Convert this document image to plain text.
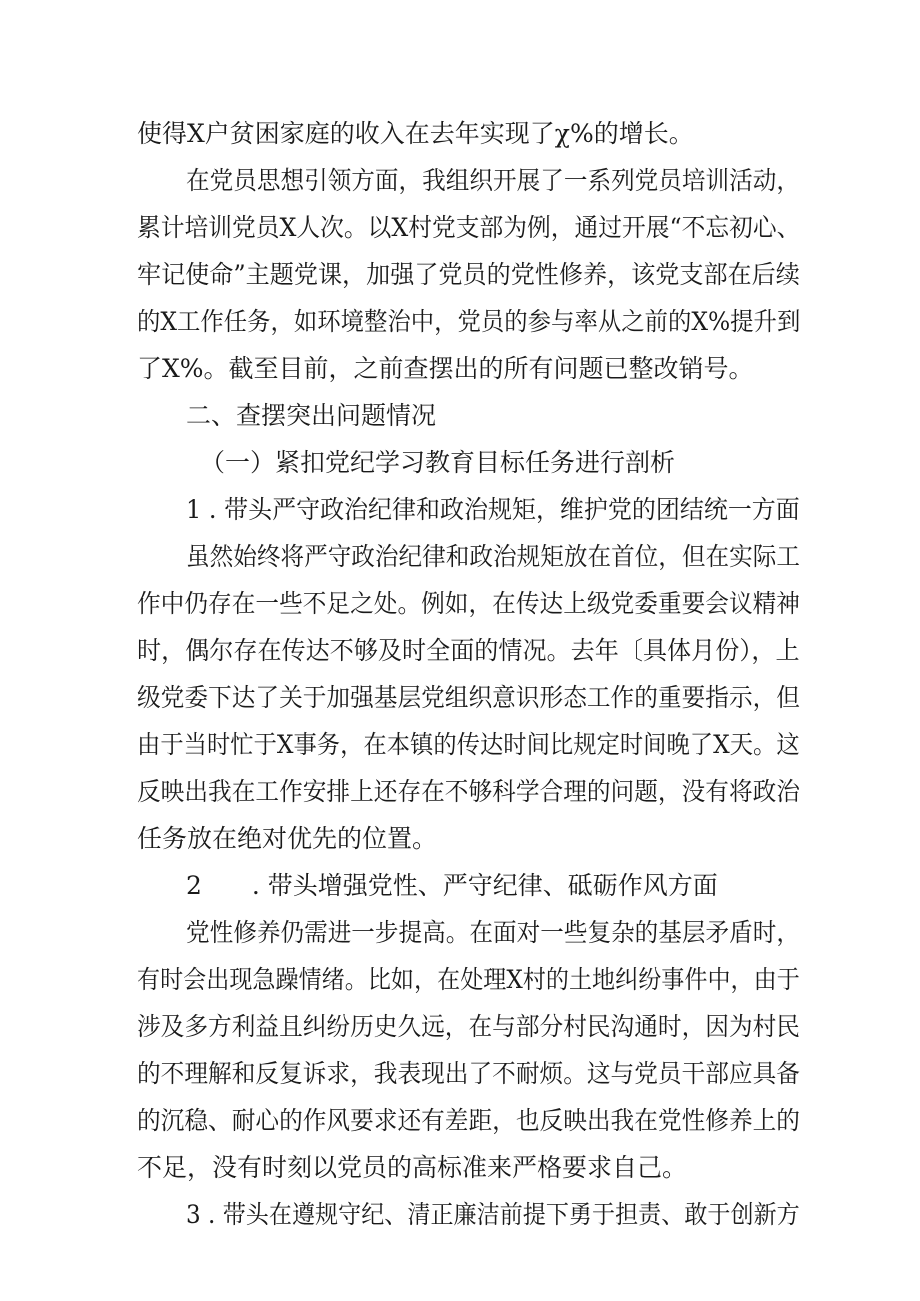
使得X户贫困家庭的收入在去年实现了χ%的增长。
在党员思想引领方面，我组织开展了一系列党员培训活动，
累计培训党员X人次。以X村党支部为例，通过开展“不忘初心、
牢记使命”主题党课，加强了党员的党性修养，该党支部在后续
的X工作任务，如环境整治中，党员的参与率从之前的X%提升到
了X%。截至目前，之前查摆出的所有问题已整改销号。
二、查摆突出问题情况
（一）紧扣党纪学习教育目标任务进行剖析
1 . 带头严守政治纪律和政治规矩，维护党的团结统一方面
虽然始终将严守政治纪律和政治规矩放在首位，但在实际工
作中仍存在一些不足之处。例如，在传达上级党委重要会议精神
时，偶尔存在传达不够及时全面的情况。去年〔具体月份），上
级党委下达了关于加强基层党组织意识形态工作的重要指示，但
由于当时忙于X事务，在本镇的传达时间比规定时间晚了X天。这
反映出我在工作安排上还存在不够科学合理的问题，没有将政治
任务放在绝对优先的位置。
2　　. 带头增强党性、严守纪律、砥砺作风方面
党性修养仍需进一步提高。在面对一些复杂的基层矛盾时，
有时会出现急躁情绪。比如，在处理X村的土地纠纷事件中，由于
涉及多方利益且纠纷历史久远，在与部分村民沟通时，因为村民
的不理解和反复诉求，我表现出了不耐烦。这与党员干部应具备
的沉稳、耐心的作风要求还有差距，也反映出我在党性修养上的
不足，没有时刻以党员的高标准来严格要求自己。
3 . 带头在遵规守纪、清正廉洁前提下勇于担责、敢于创新方
